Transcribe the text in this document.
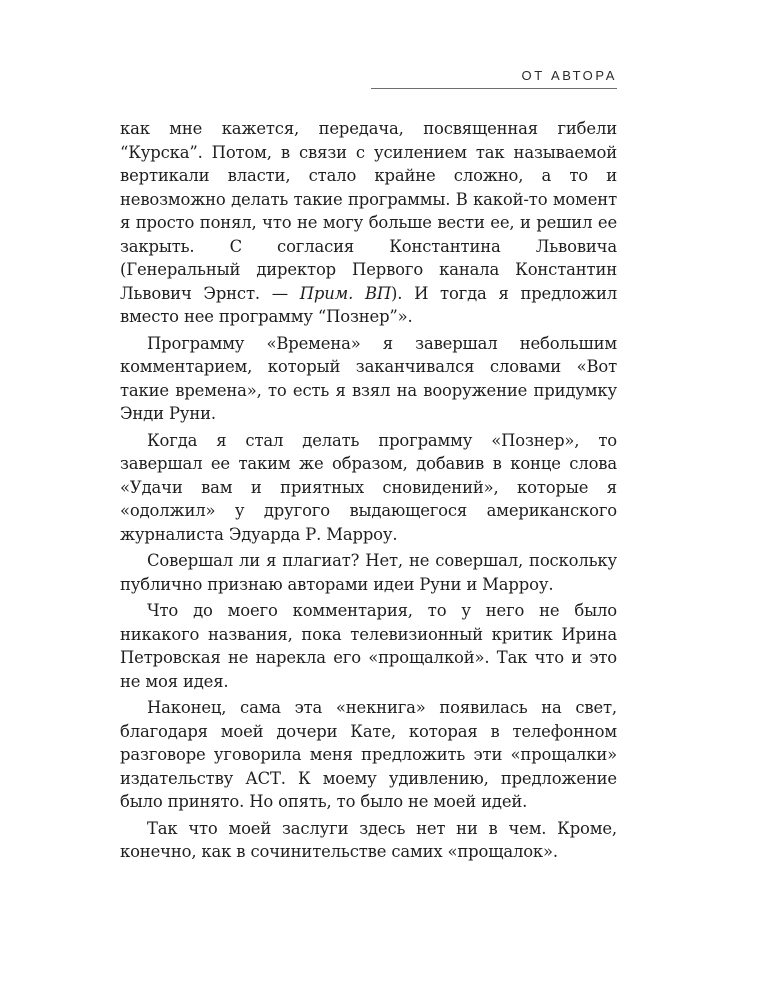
ОТ АВТОРА

как мне кажется, передача, посвященная гибели “Курска”. Потом, в связи с усилением так называемой вертикали власти, стало крайне сложно, а то и невозможно делать такие программы. В какой-то момент я просто понял, что не могу больше вести ее, и решил ее закрыть. С согласия Константина Львовича (Генеральный директор Первого канала Константин Львович Эрнст. — Прим. ВП). И тогда я предложил вместо нее программу “Познер”».

Программу «Времена» я завершал небольшим комментарием, который заканчивался словами «Вот такие времена», то есть я взял на вооружение придумку Энди Руни.

Когда я стал делать программу «Познер», то завершал ее таким же образом, добавив в конце слова «Удачи вам и приятных сновидений», которые я «одолжил» у другого выдающегося американского журналиста Эдуарда Р. Марроу.

Совершал ли я плагиат? Нет, не совершал, поскольку публично признаю авторами идеи Руни и Марроу.

Что до моего комментария, то у него не было никакого названия, пока телевизионный критик Ирина Петровская не нарекла его «прощалкой». Так что и это не моя идея.

Наконец, сама эта «некнига» появилась на свет, благодаря моей дочери Кате, которая в телефонном разговоре уговорила меня предложить эти «прощалки» издательству АСТ. К моему удивлению, предложение было принято. Но опять, то было не моей идей.

Так что моей заслуги здесь нет ни в чем. Кроме, конечно, как в сочинительстве самих «прощалок».
